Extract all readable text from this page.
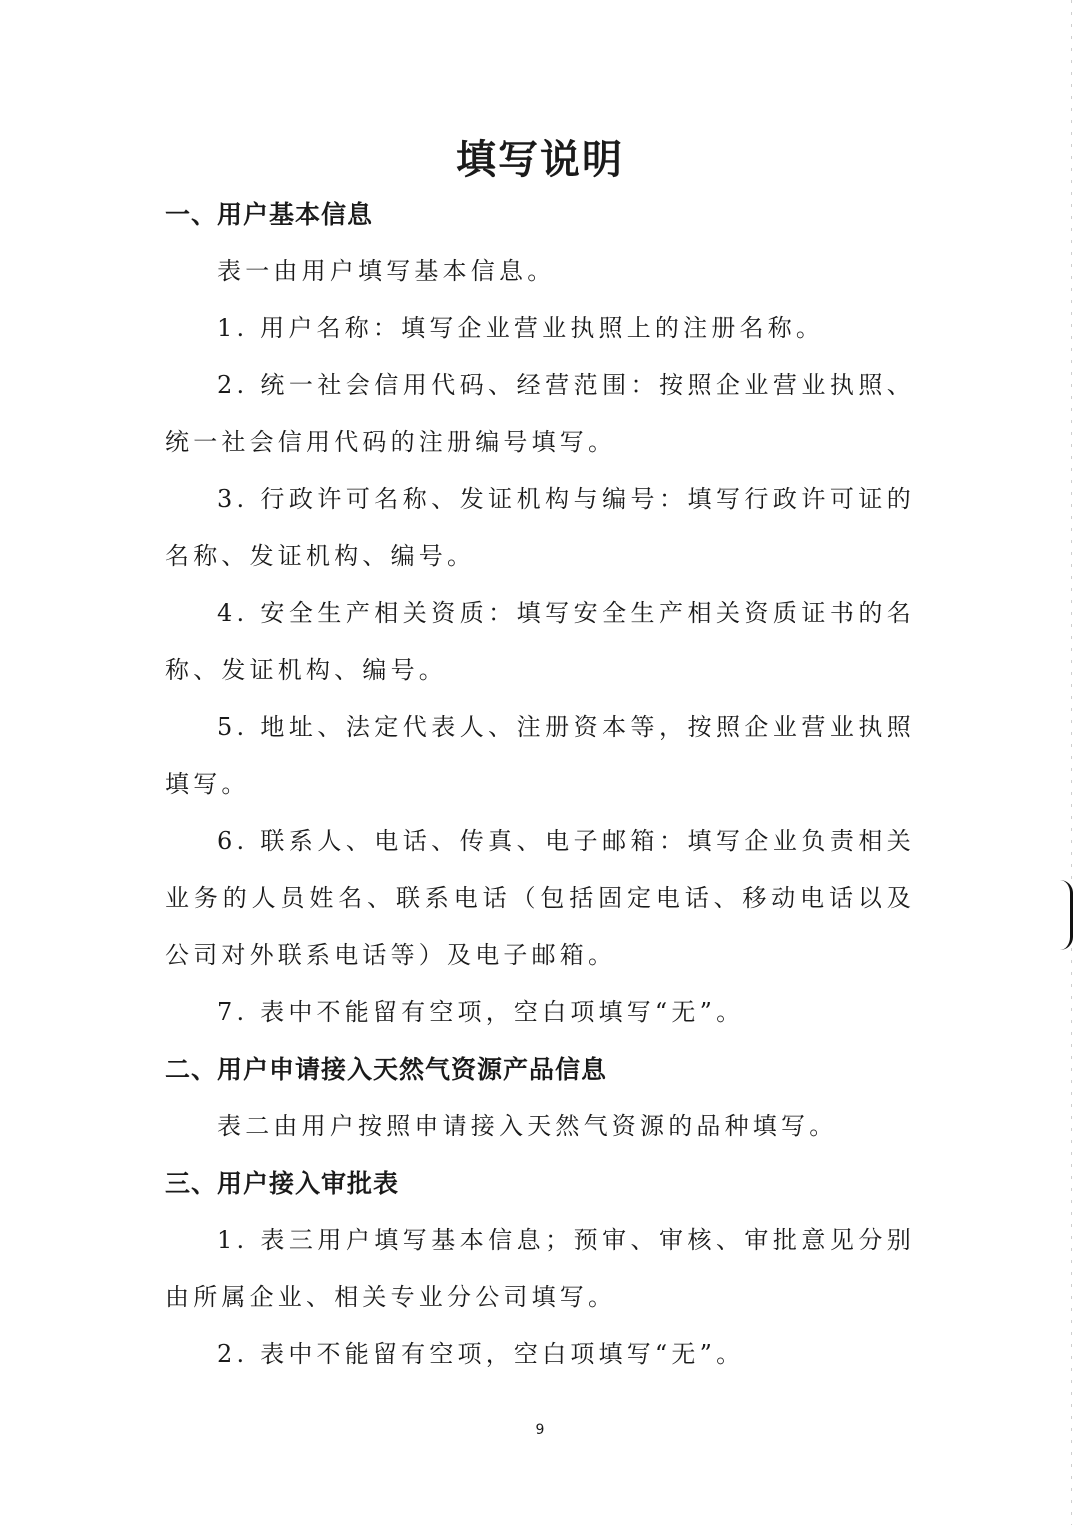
填写说明
一、用户基本信息

表一由用户填写基本信息。

1. 用户名称：填写企业营业执照上的注册名称。

2. 统一社会信用代码、经营范围：按照企业营业执照、统一社会信用代码的注册编号填写。

3. 行政许可名称、发证机构与编号：填写行政许可证的名称、发证机构、编号。

4. 安全生产相关资质：填写安全生产相关资质证书的名称、发证机构、编号。

5. 地址、法定代表人、注册资本等，按照企业营业执照填写。

6. 联系人、电话、传真、电子邮箱：填写企业负责相关业务的人员姓名、联系电话（包括固定电话、移动电话以及公司对外联系电话等）及电子邮箱。

7. 表中不能留有空项，空白项填写“无”。

二、用户申请接入天然气资源产品信息

表二由用户按照申请接入天然气资源的品种填写。

三、用户接入审批表

1. 表三用户填写基本信息；预审、审核、审批意见分别由所属企业、相关专业分公司填写。

2. 表中不能留有空项，空白项填写“无”。

9
